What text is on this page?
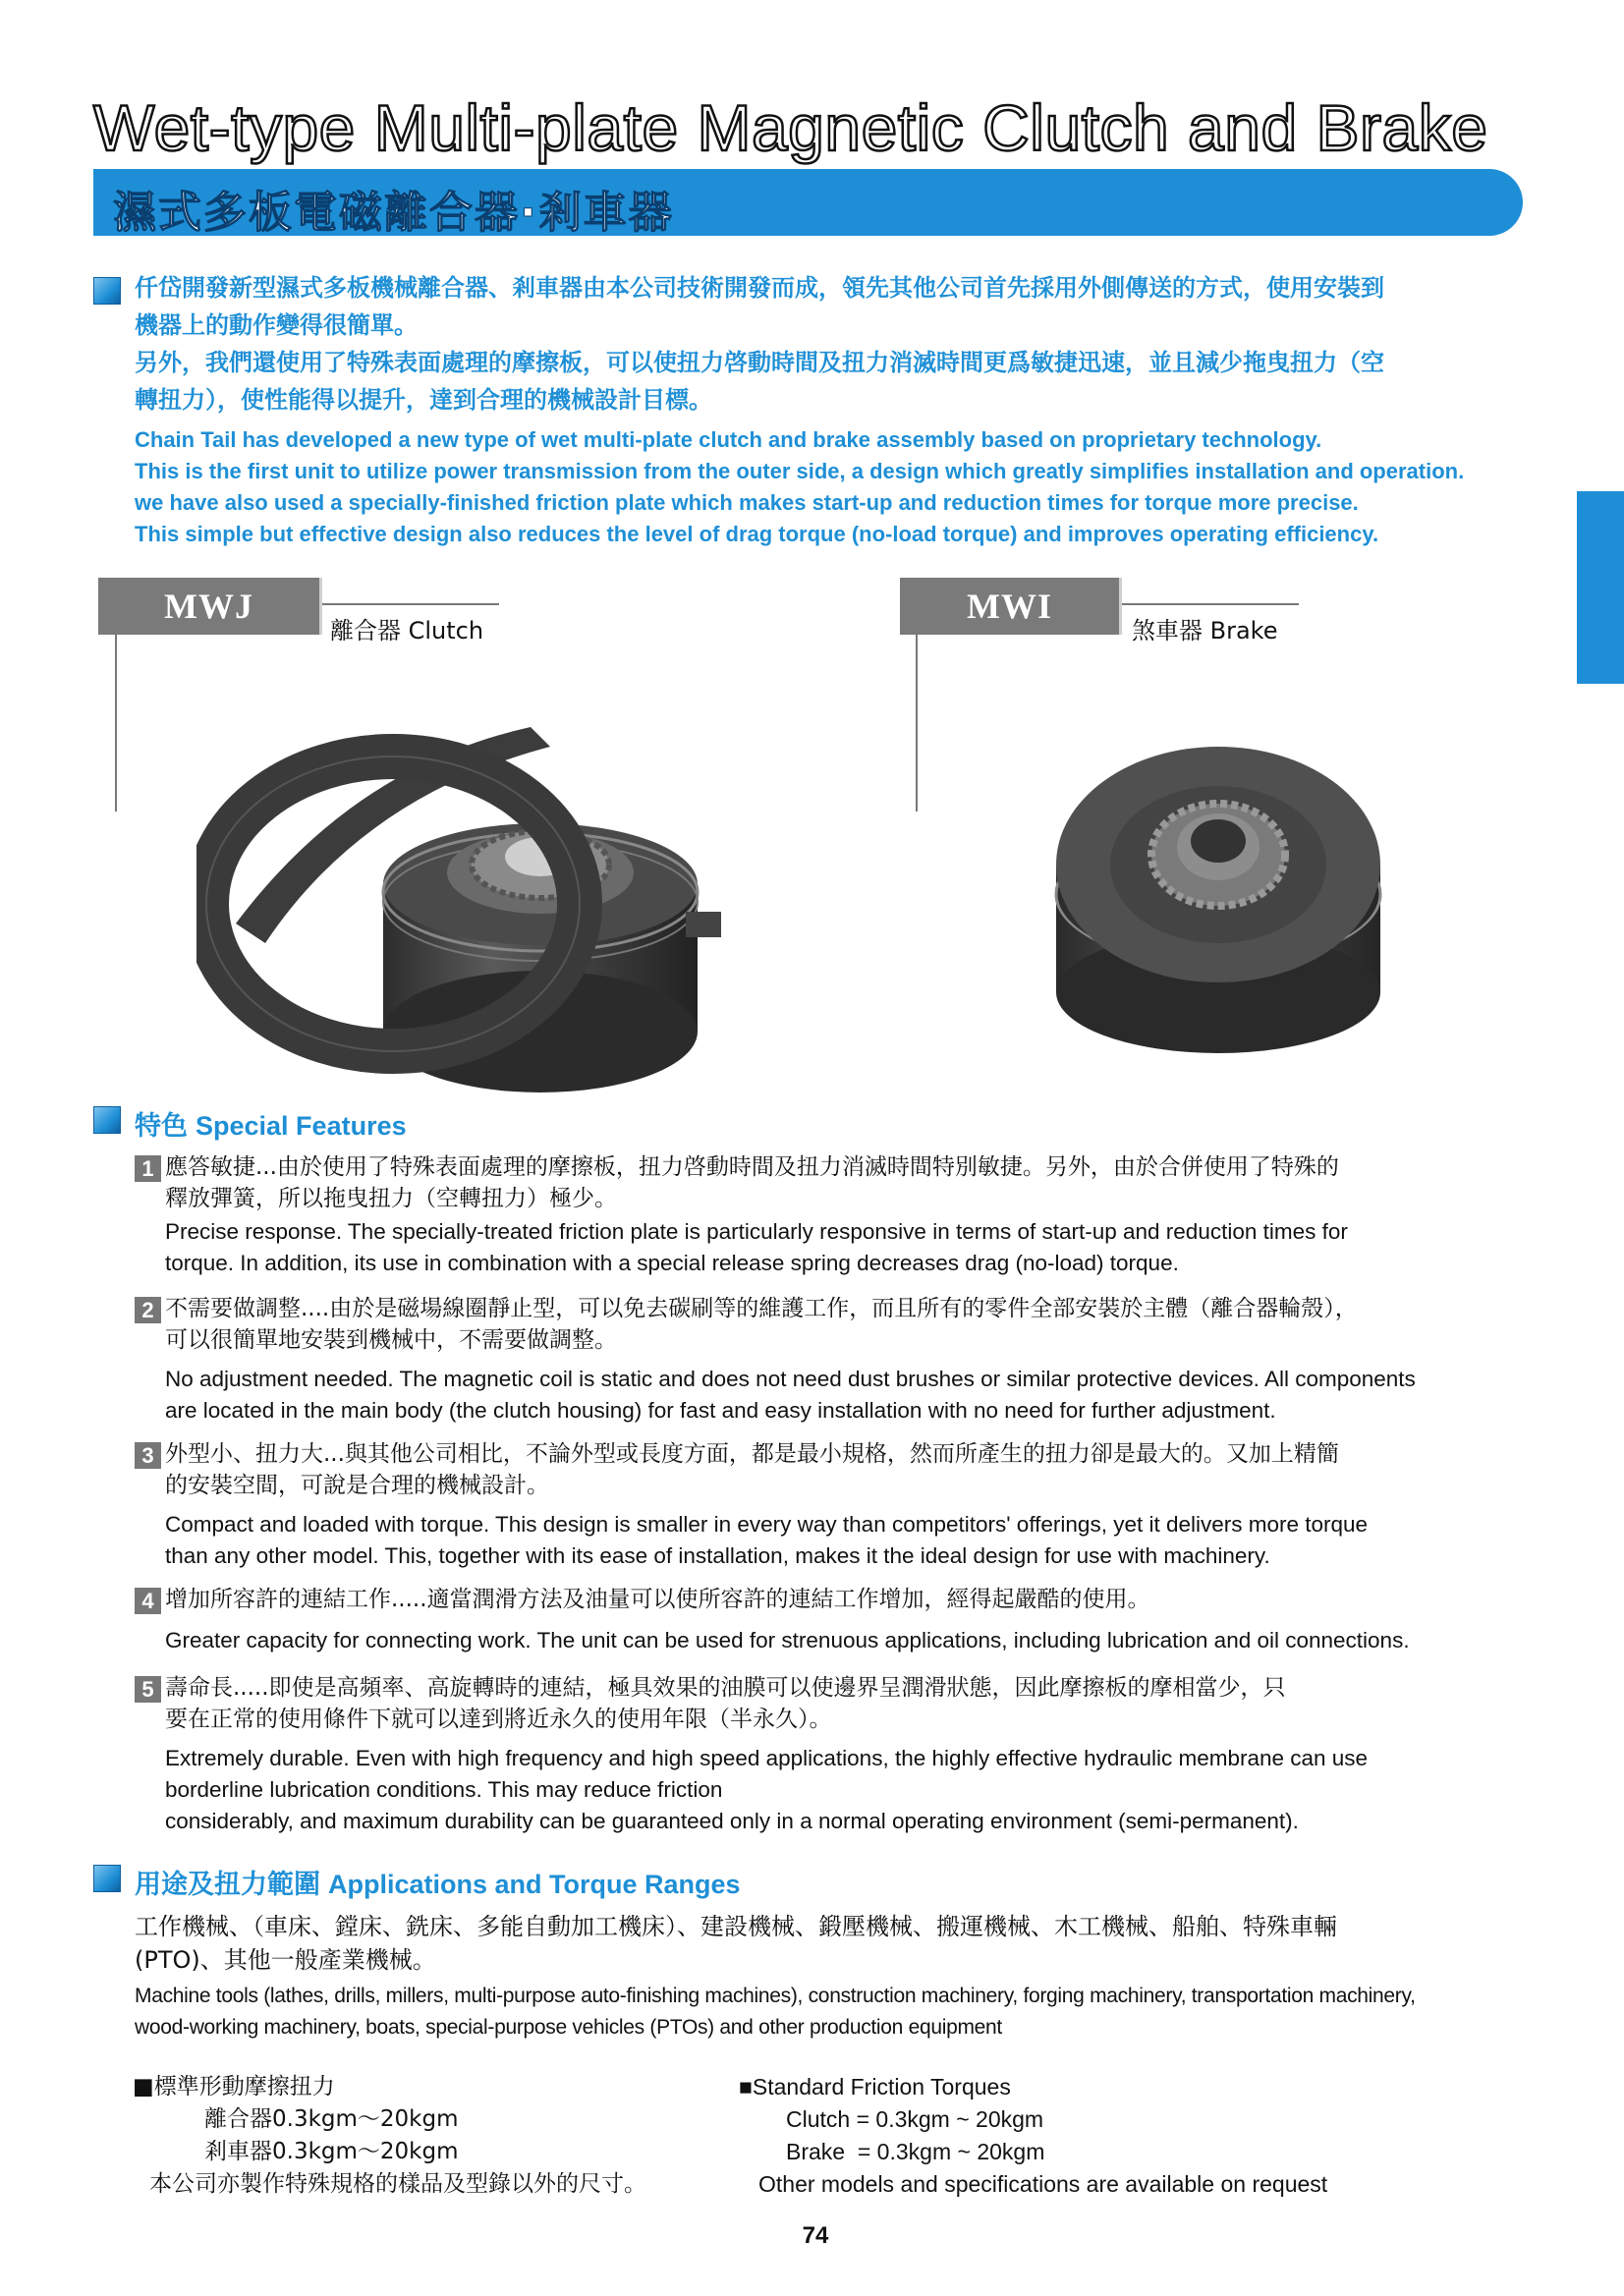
Wet-type Multi-plate Magnetic Clutch and Brake
濕式多板電磁離合器·剎車器
仟岱開發新型濕式多板機械離合器、剎車器由本公司技術開發而成，領先其他公司首先採用外側傳送的方式，使用安裝到
機器上的動作變得很簡單。
另外，我們還使用了特殊表面處理的摩擦板，可以使扭力啓動時間及扭力消滅時間更爲敏捷迅速，並且減少拖曳扭力（空
轉扭力），使性能得以提升，達到合理的機械設計目標。
Chain Tail has developed a new type of wet multi-plate clutch and brake assembly based on proprietary technology.
This is the first unit to utilize power transmission from the outer side, a design which greatly simplifies installation and operation.
we have also used a specially-finished friction plate which makes start-up and reduction times for torque more precise.
This simple but effective design also reduces the level of drag torque (no-load torque) and improves operating efficiency.
MWJ
離合器 Clutch
MWI
煞車器 Brake
特色 Special Features
1 應答敏捷...由於使用了特殊表面處理的摩擦板，扭力啓動時間及扭力消滅時間特別敏捷。另外，由於合併使用了特殊的
釋放彈簧，所以拖曳扭力（空轉扭力）極少。
Precise response. The specially-treated friction plate is particularly responsive in terms of start-up and reduction times for
torque. In addition, its use in combination with a special release spring decreases drag (no-load) torque.
2 不需要做調整....由於是磁場線圈靜止型，可以免去碳刷等的維護工作，而且所有的零件全部安裝於主體（離合器輪殼），
可以很簡單地安裝到機械中，不需要做調整。
No adjustment needed. The magnetic coil is static and does not need dust brushes or similar protective devices. All components
are located in the main body (the clutch housing) for fast and easy installation with no need for further adjustment.
3 外型小、扭力大...與其他公司相比，不論外型或長度方面，都是最小規格，然而所產生的扭力卻是最大的。又加上精簡
的安裝空間，可說是合理的機械設計。
Compact and loaded with torque. This design is smaller in every way than competitors' offerings, yet it delivers more torque
than any other model. This, together with its ease of installation, makes it the ideal design for use with machinery.
4 增加所容許的連結工作.....適當潤滑方法及油量可以使所容許的連結工作增加，經得起嚴酷的使用。
Greater capacity for connecting work. The unit can be used for strenuous applications, including lubrication and oil connections.
5 壽命長.....即使是高頻率、高旋轉時的連結，極具效果的油膜可以使邊界呈潤滑狀態，因此摩擦板的摩相當少，只
要在正常的使用條件下就可以達到將近永久的使用年限（半永久）。
Extremely durable. Even with high frequency and high speed applications, the highly effective hydraulic membrane can use
borderline lubrication conditions. This may reduce friction
considerably, and maximum durability can be guaranteed only in a normal operating environment (semi-permanent).
用途及扭力範圍 Applications and Torque Ranges
工作機械、（車床、鏜床、銑床、多能自動加工機床）、建設機械、鍛壓機械、搬運機械、木工機械、船舶、特殊車輛
(PTO)、其他一般產業機械。
Machine tools (lathes, drills, millers, multi-purpose auto-finishing machines), construction machinery, forging machinery, transportation machinery,
wood-working machinery, boats, special-purpose vehicles (PTOs) and other production equipment
■標準形動摩擦扭力
離合器0.3kgm〜20kgm
剎車器0.3kgm〜20kgm
本公司亦製作特殊規格的樣品及型錄以外的尺寸。
■Standard Friction Torques
Clutch = 0.3kgm ~ 20kgm
Brake  = 0.3kgm ~ 20kgm
Other models and specifications are available on request
74
